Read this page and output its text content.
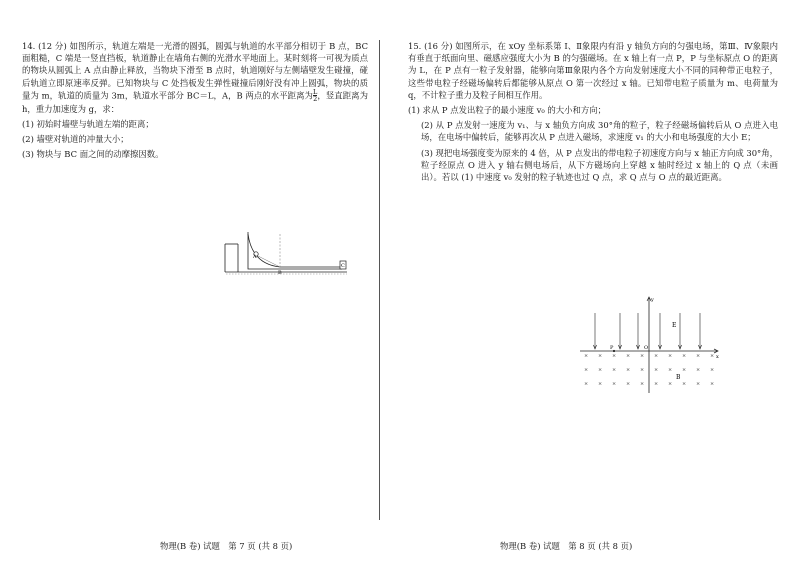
14. (12 分) 如图所示，轨道左端是一光滑的圆弧，圆弧与轨道的水平部分相切于 B 点，BC 面粗糙，C 端是一竖直挡板，轨道静止在墙角右侧的光滑水平地面上。某时刻将一可视为质点的物块从圆弧上 A 点由静止释放，当物块下滑至 B 点时，轨道刚好与左侧墙壁发生碰撞，碰后轨道立即原速率反弹。已知物块与 C 处挡板发生弹性碰撞后刚好没有冲上圆弧，物块的质量为 m，轨道的质量为 3m，轨道水平部分 BC＝L，A，B 两点的水平距离为 $\frac{L}{2}$ ，竖直距离为 h，重力加速度为 g，求：

(1) 初始时墙壁与轨道左端的距离；

(2) 墙壁对轨道的冲量大小；

(3) 物块与 BC 面之间的动摩擦因数。

A
B
C
物理(B 卷) 试题　第 7 页 (共 8 页)

15. (16 分) 如图所示，在 xOy 坐标系第 Ⅰ、Ⅱ象限内有沿 y 轴负方向的匀强电场，第Ⅲ、Ⅳ象限内有垂直于纸面向里、磁感应强度大小为 B 的匀强磁场。在 x 轴上有一点 P，P 与坐标原点 O 的距离为 L，在 P 点有一粒子发射器，能够向第Ⅲ象限内各个方向发射速度大小不同的同种带正电粒子，这些带电粒子经磁场偏转后都能够从原点 O 第一次经过 x 轴。已知带电粒子质量为 m、电荷量为 q，不计粒子重力及粒子间相互作用。

(1) 求从 P 点发出粒子的最小速度 v₀ 的大小和方向；

(2) 从 P 点发射一速度为 v₁、与 x 轴负方向成 30°角的粒子，粒子经磁场偏转后从 O 点进入电场，在电场中偏转后，能够再次从 P 点进入磁场，求速度 v₁ 的大小和电场强度的大小 E；

(3) 现把电场强度变为原来的 4 倍，从 P 点发出的带电粒子初速度方向与 x 轴正方向成 30°角，粒子经原点 O 进入 y 轴右侧电场后，从下方磁场向上穿越 x 轴时经过 x 轴上的 Q 点（未画出）。若以 (1) 中速度 v₀ 发射的粒子轨迹也过 Q 点，求 Q 点与 O 点的最近距离。

y
x
O
P
E
B
× × × × × × × × × ×
× × × × × × × × × ×
× × × × × × × × × ×
物理(B 卷) 试题　第 8 页 (共 8 页)
